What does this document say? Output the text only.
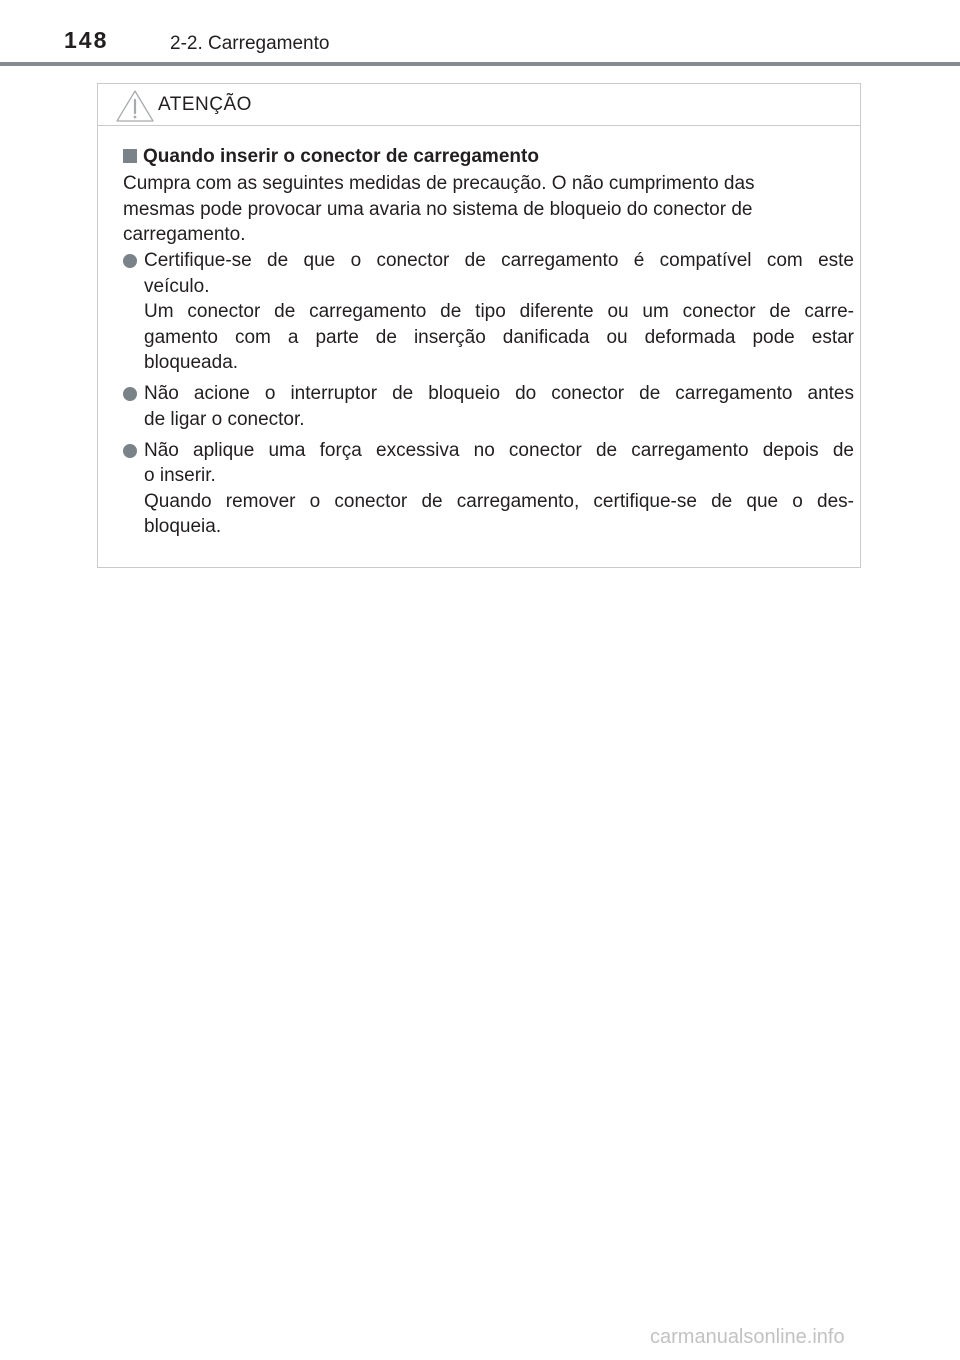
148	2-2. Carregamento
ATENÇÃO
Quando inserir o conector de carregamento
Cumpra com as seguintes medidas de precaução. O não cumprimento das
mesmas pode provocar uma avaria no sistema de bloqueio do conector de
carregamento.
Certifique-se de que o conector de carregamento é compatível com este
veículo.
Um conector de carregamento de tipo diferente ou um conector de carre-
gamento com a parte de inserção danificada ou deformada pode estar
bloqueada.
Não acione o interruptor de bloqueio do conector de carregamento antes
de ligar o conector.
Não aplique uma força excessiva no conector de carregamento depois de
o inserir.
Quando remover o conector de carregamento, certifique-se de que o des-
bloqueia.
carmanualsonline.info
